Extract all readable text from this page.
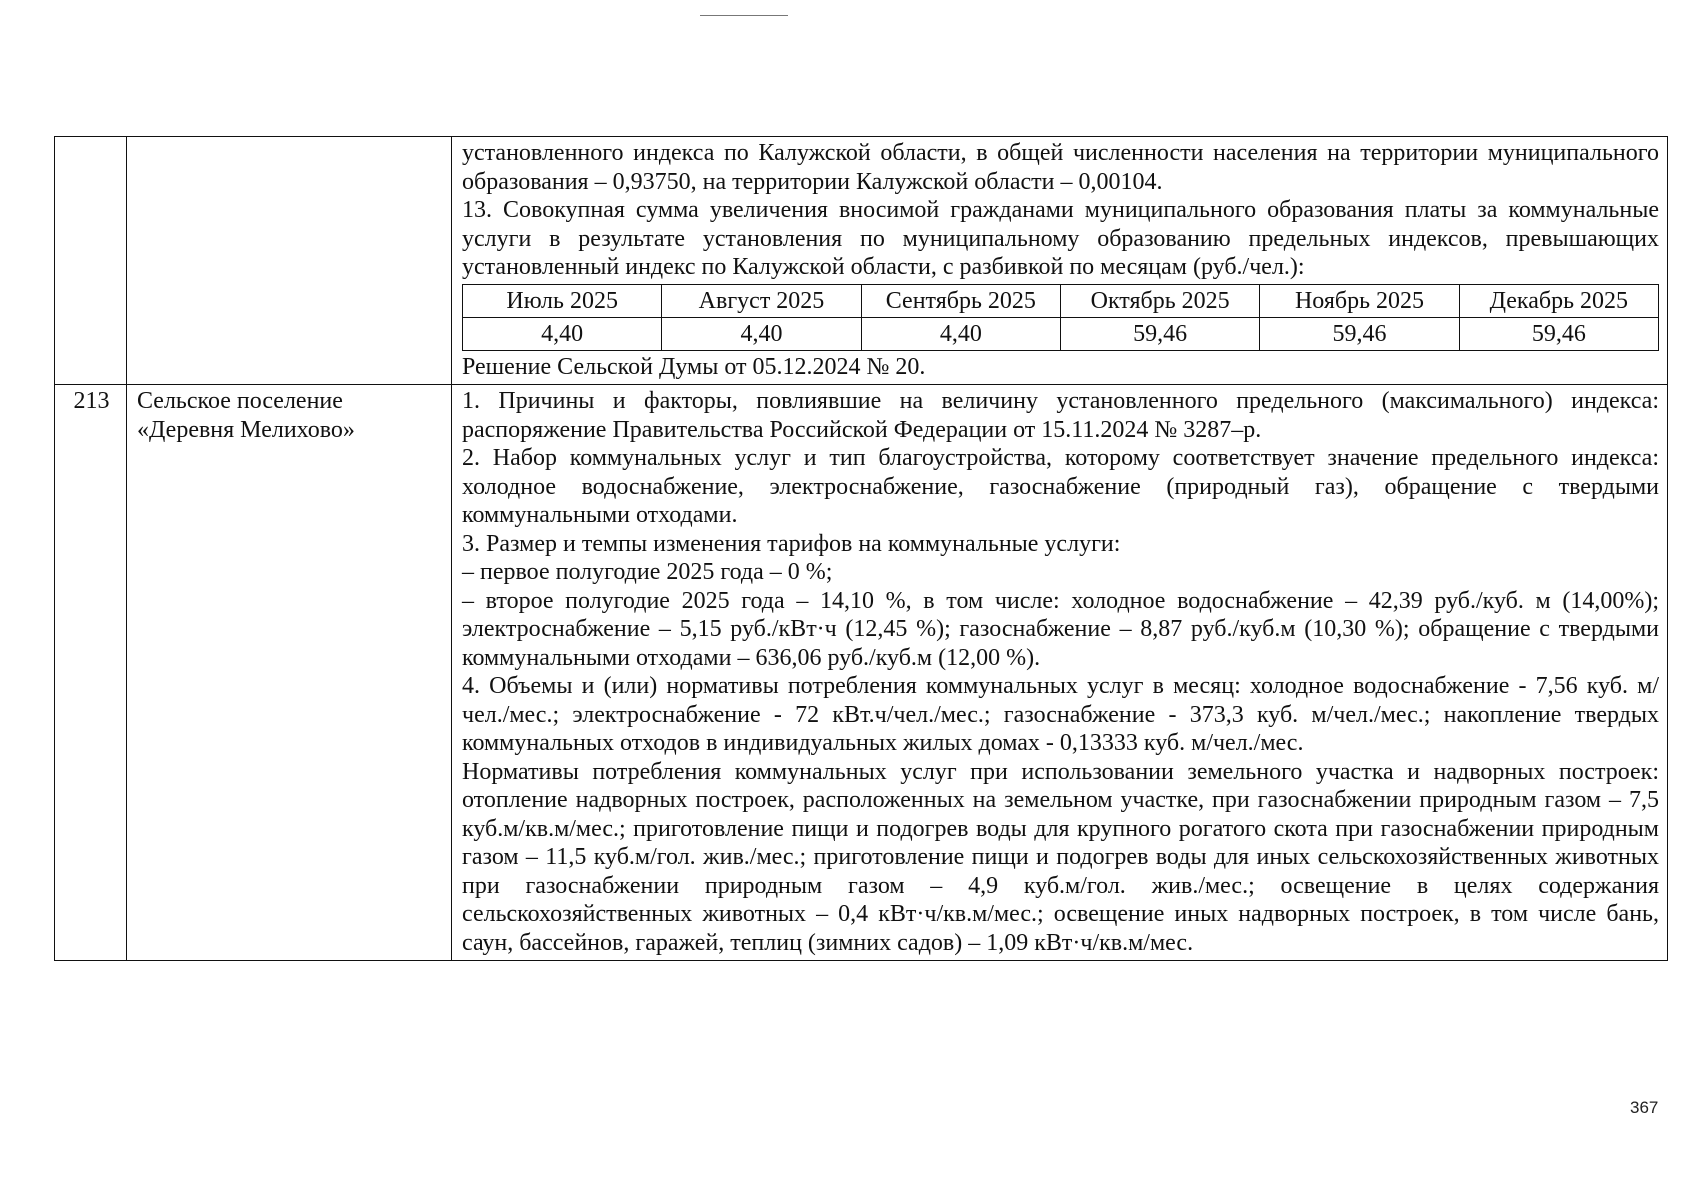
установленного индекса по Калужской области, в общей численности населения на территории муниципального образования – 0,93750, на территории Калужской области – 0,00104.

13. Совокупная сумма увеличения вносимой гражданами муниципального образования платы за коммунальные услуги в результате установления по муниципальному образованию предельных индексов, превышающих установленный индекс по Калужской области, с разбивкой по месяцам (руб./чел.):

Июль 2025	Август 2025	Сентябрь 2025	Октябрь 2025	Ноябрь 2025	Декабрь 2025
4,40	4,40	4,40	59,46	59,46	59,46

Решение Сельской Думы от 05.12.2024 № 20.

213	Сельское поселение
«Деревня Мелихово»

1. Причины и факторы, повлиявшие на величину установленного предельного (максимального) индекса: распоряжение Правительства Российской Федерации от 15.11.2024 № 3287–р.

2. Набор коммунальных услуг и тип благоустройства, которому соответствует значение предельного индекса: холодное водоснабжение, электроснабжение, газоснабжение (природный газ), обращение с твердыми коммунальными отходами.

3. Размер и темпы изменения тарифов на коммунальные услуги:

– первое полугодие 2025 года – 0 %;

– второе полугодие 2025 года – 14,10 %, в том числе: холодное водоснабжение – 42,39 руб./куб. м (14,00%); электроснабжение – 5,15 руб./кВт·ч (12,45 %); газоснабжение – 8,87 руб./куб.м (10,30 %); обращение с твердыми коммунальными отходами – 636,06 руб./куб.м (12,00 %).

4. Объемы и (или) нормативы потребления коммунальных услуг в месяц: холодное водоснабжение - 7,56 куб. м/чел./мес.; электроснабжение - 72 кВт.ч/чел./мес.; газоснабжение - 373,3 куб. м/чел./мес.; накопление твердых коммунальных отходов в индивидуальных жилых домах - 0,13333 куб. м/чел./мес.

Нормативы потребления коммунальных услуг при использовании земельного участка и надворных построек: отопление надворных построек, расположенных на земельном участке, при газоснабжении природным газом – 7,5 куб.м/кв.м/мес.; приготовление пищи и подогрев воды для крупного рогатого скота при газоснабжении природным газом – 11,5 куб.м/гол. жив./мес.; приготовление пищи и подогрев воды для иных сельскохозяйственных животных при газоснабжении природным газом – 4,9 куб.м/гол. жив./мес.; освещение в целях содержания сельскохозяйственных животных – 0,4 кВт·ч/кв.м/мес.; освещение иных надворных построек, в том числе бань, саун, бассейнов, гаражей, теплиц (зимних садов) – 1,09 кВт·ч/кв.м/мес.

367
